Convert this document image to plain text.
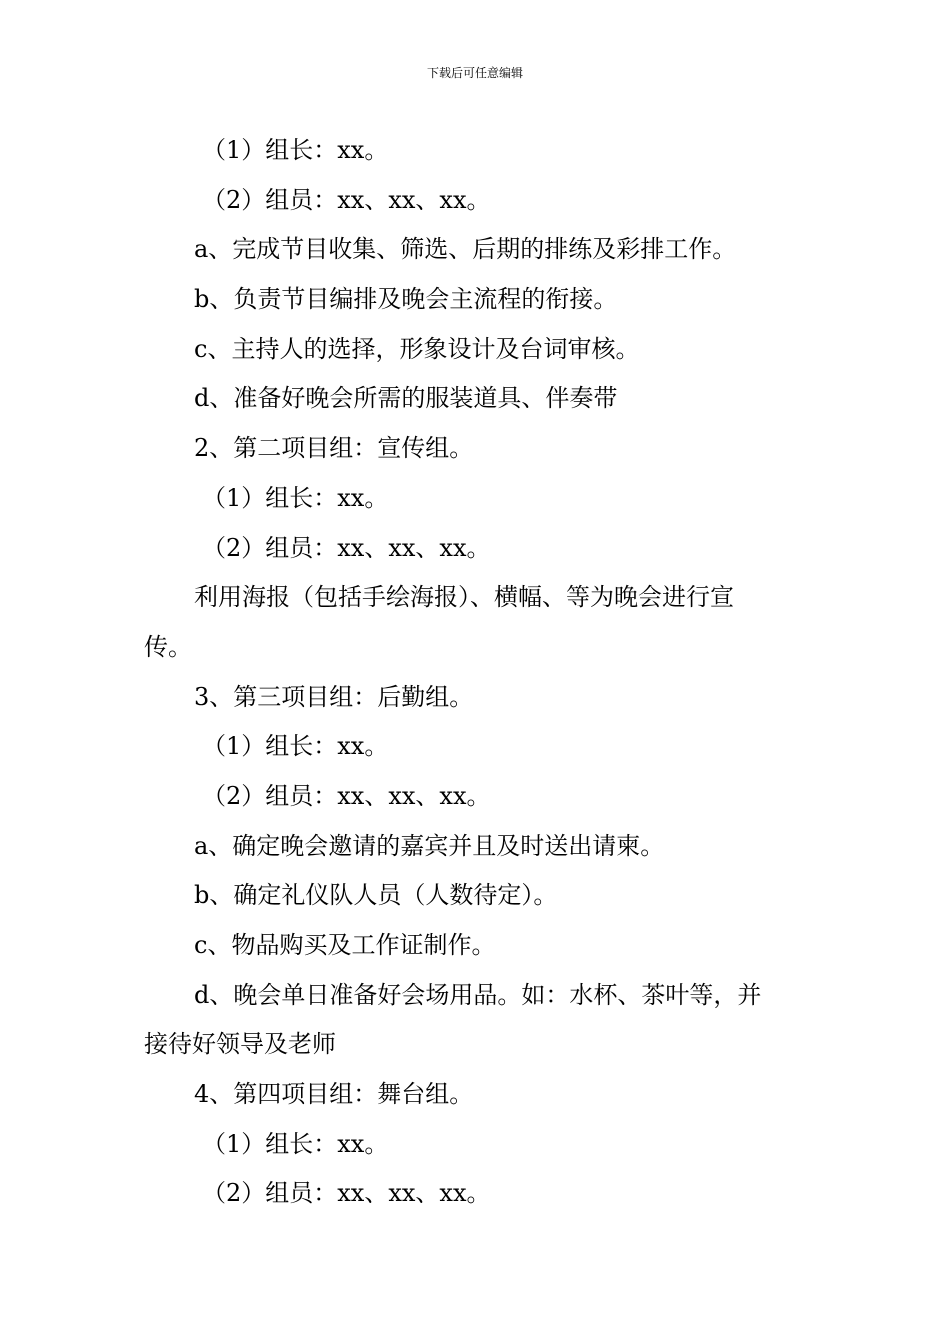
下载后可任意编辑
（1）组长：xx。
（2）组员：xx、xx、xx。
a、完成节目收集、筛选、后期的排练及彩排工作。
b、负责节目编排及晚会主流程的衔接。
c、主持人的选择，形象设计及台词审核。
d、准备好晚会所需的服装道具、伴奏带
2、第二项目组：宣传组。
（1）组长：xx。
（2）组员：xx、xx、xx。
利用海报（包括手绘海报）、横幅、等为晚会进行宣
传。
3、第三项目组：后勤组。
（1）组长：xx。
（2）组员：xx、xx、xx。
a、确定晚会邀请的嘉宾并且及时送出请柬。
b、确定礼仪队人员（人数待定）。
c、物品购买及工作证制作。
d、晚会单日准备好会场用品。如：水杯、茶叶等，并
接待好领导及老师
4、第四项目组：舞台组。
（1）组长：xx。
（2）组员：xx、xx、xx。
